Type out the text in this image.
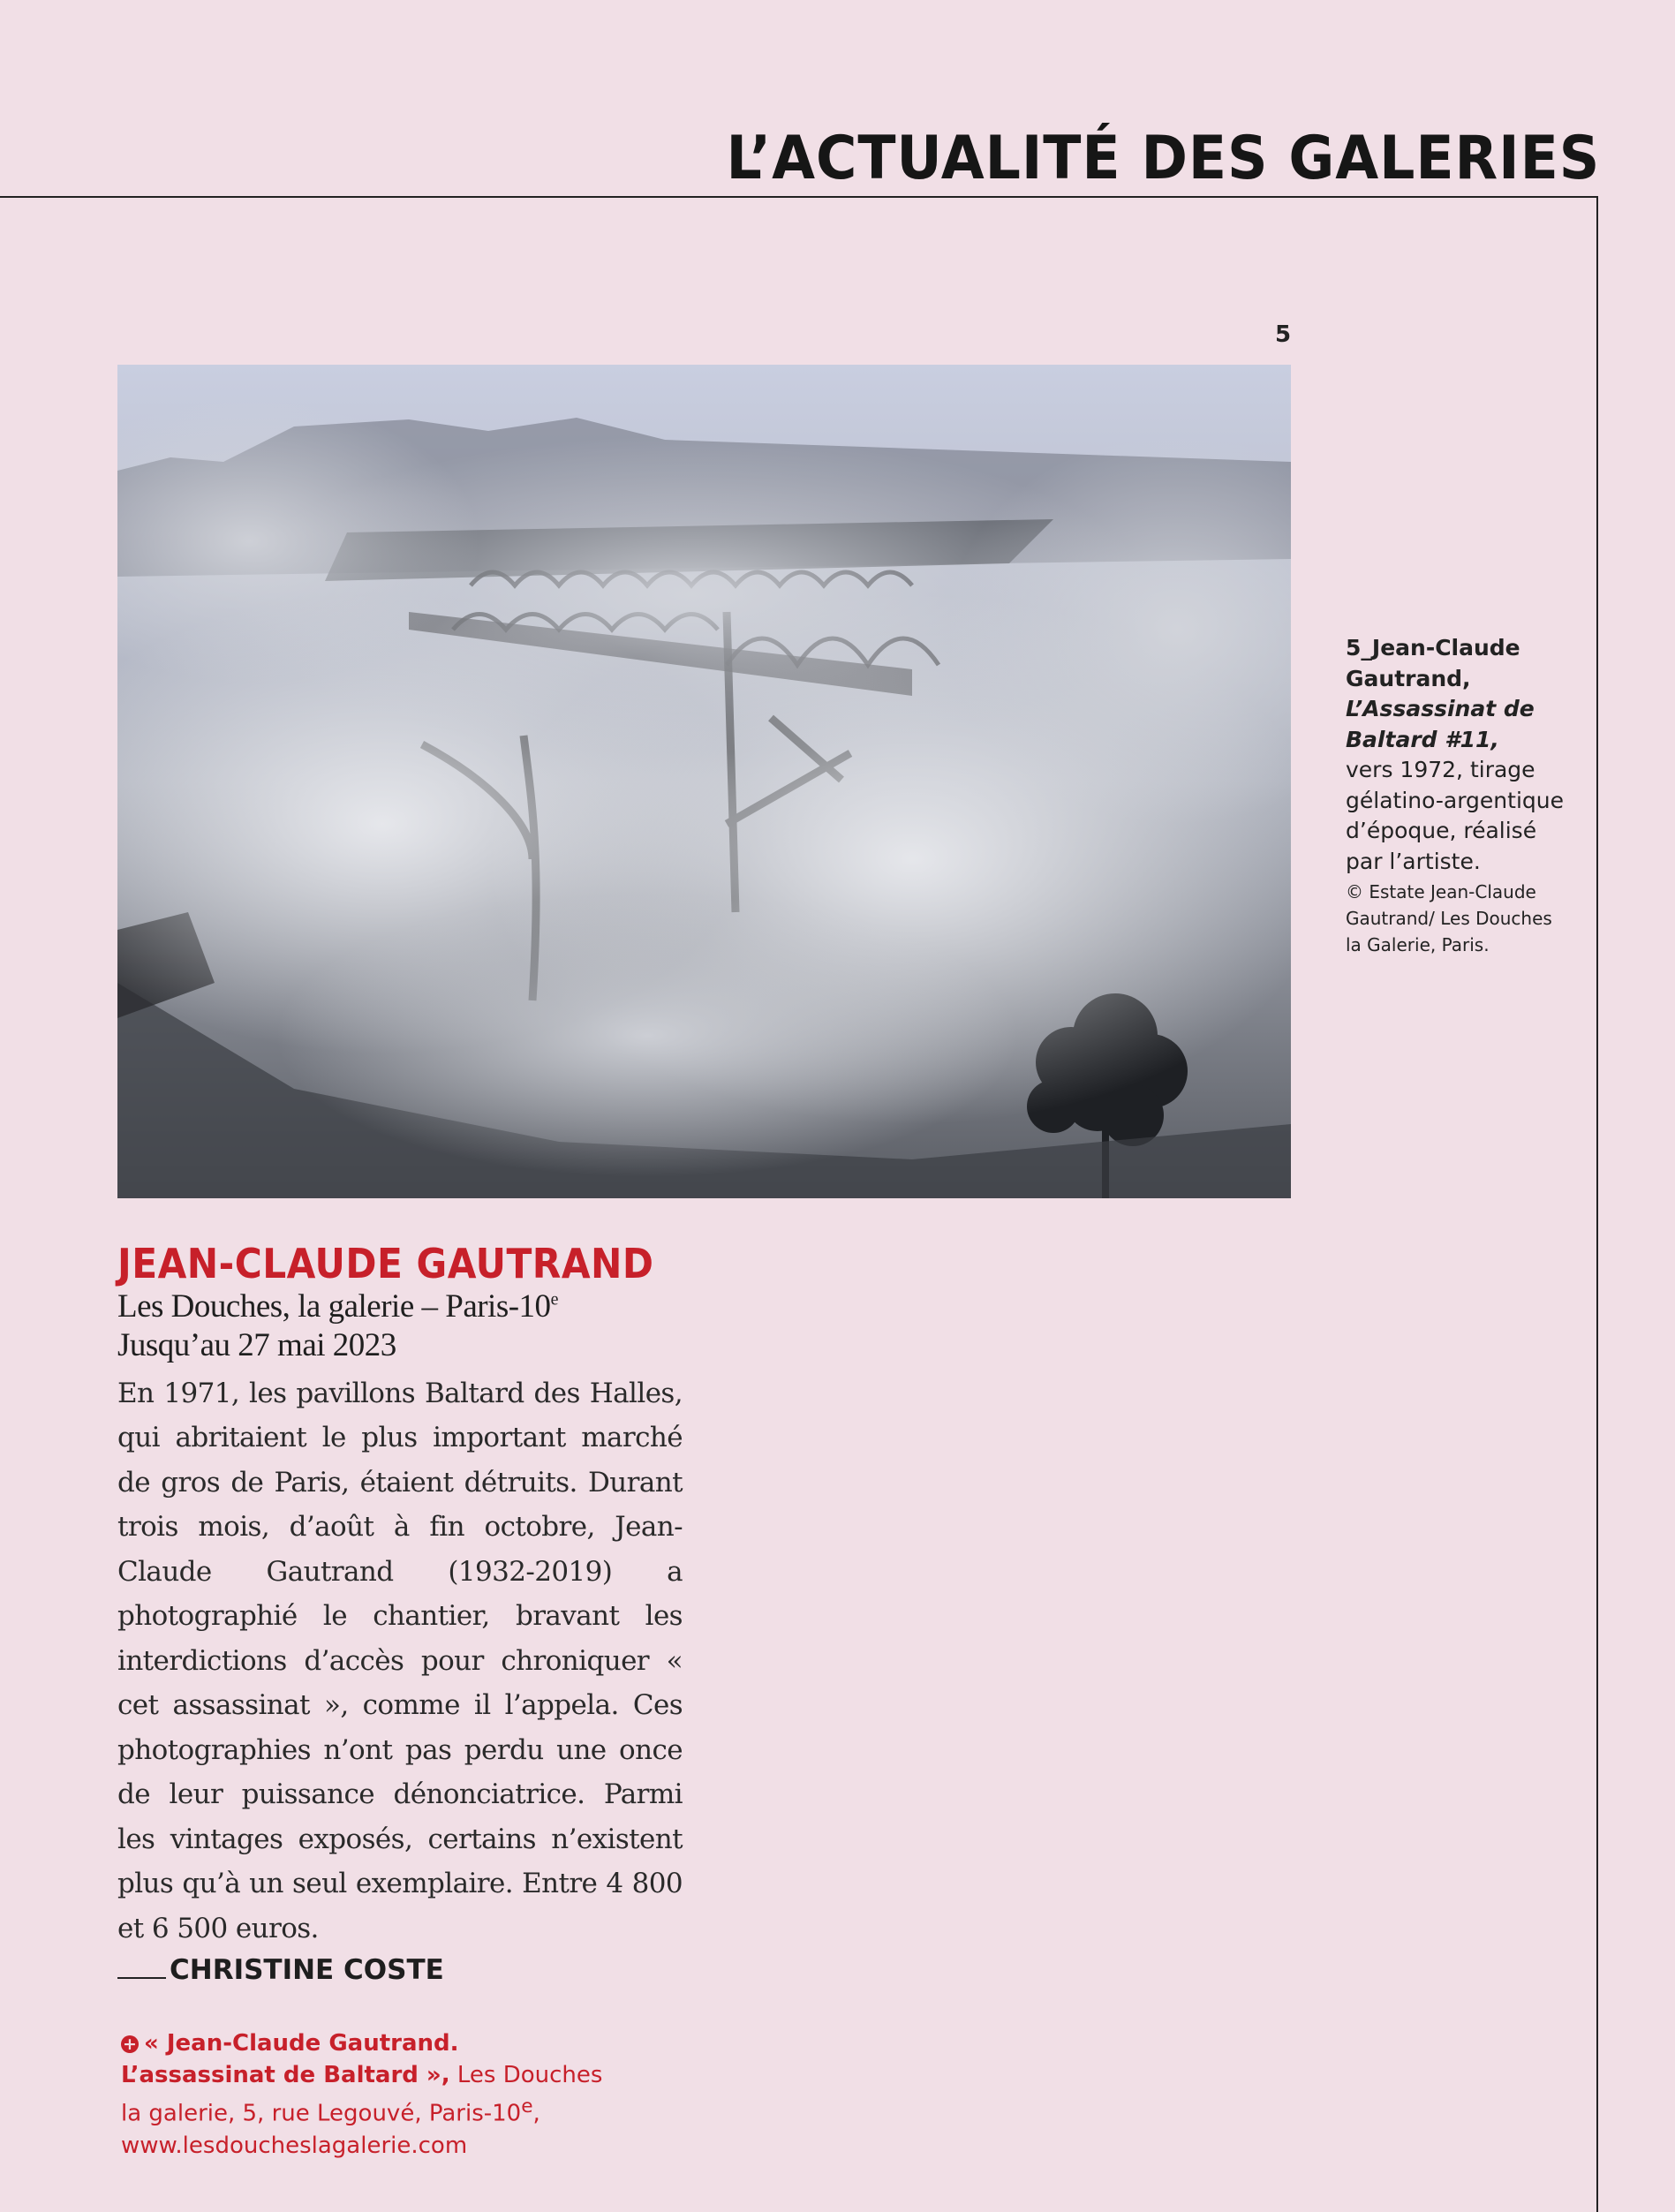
L’ACTUALITÉ DES GALERIES
5
5_Jean-Claude Gautrand,
L’Assassinat de Baltard #11,
vers 1972, tirage gélatino-argentique d’époque, réalisé par l’artiste.
© Estate Jean-Claude Gautrand/ Les Douches la Galerie, Paris.
JEAN-CLAUDE GAUTRAND
Les Douches, la galerie – Paris-10e
Jusqu’au 27 mai 2023

En 1971, les pavillons Baltard des Halles, qui abritaient le plus important marché de gros de Paris, étaient détruits. Durant trois mois, d’août à fin octobre, Jean-Claude Gautrand (1932-2019) a photographié le chantier, bravant les interdictions d’accès pour chroniquer « cet assassinat », comme il l’appela. Ces photographies n’ont pas perdu une once de leur puissance dénonciatrice. Parmi les vintages exposés, certains n’existent plus qu’à un seul exemplaire. Entre 4 800 et 6 500 euros.

CHRISTINE COSTE
+ « Jean-Claude Gautrand. L’assassinat de Baltard », Les Douches la galerie, 5, rue Legouvé, Paris-10e,
www.lesdoucheslagalerie.com
